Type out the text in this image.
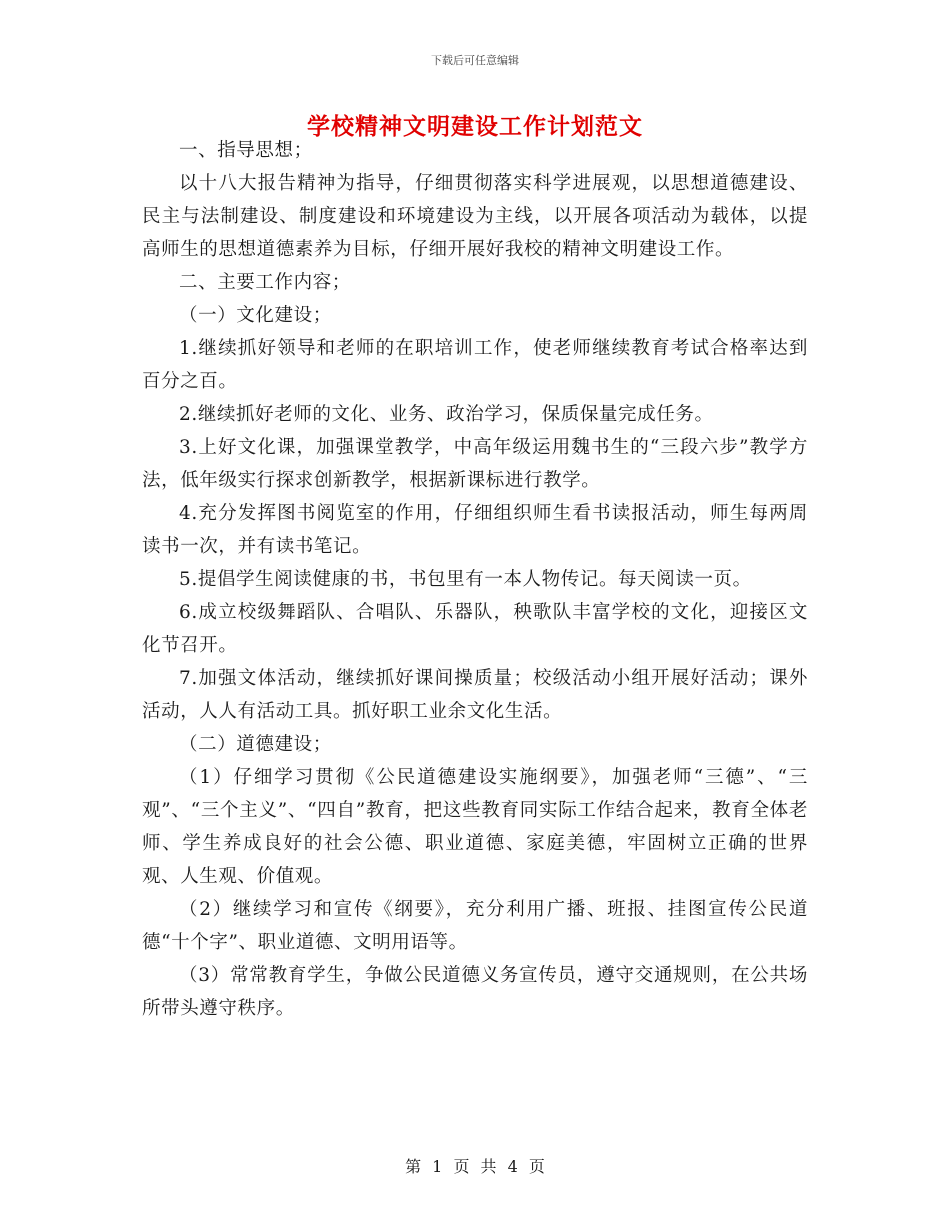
下载后可任意编辑
学校精神文明建设工作计划范文

一、指导思想；

以十八大报告精神为指导，仔细贯彻落实科学进展观，以思想道德建设、民主与法制建设、制度建设和环境建设为主线，以开展各项活动为载体，以提高师生的思想道德素养为目标，仔细开展好我校的精神文明建设工作。

二、主要工作内容；

（一）文化建设；

1.继续抓好领导和老师的在职培训工作，使老师继续教育考试合格率达到百分之百。

2.继续抓好老师的文化、业务、政治学习，保质保量完成任务。

3.上好文化课，加强课堂教学，中高年级运用魏书生的“三段六步”教学方法，低年级实行探求创新教学，根据新课标进行教学。

4.充分发挥图书阅览室的作用，仔细组织师生看书读报活动，师生每两周读书一次，并有读书笔记。

5.提倡学生阅读健康的书，书包里有一本人物传记。每天阅读一页。

6.成立校级舞蹈队、合唱队、乐器队，秧歌队丰富学校的文化，迎接区文化节召开。

7.加强文体活动，继续抓好课间操质量；校级活动小组开展好活动；课外活动，人人有活动工具。抓好职工业余文化生活。

（二）道德建设；

（1）仔细学习贯彻《公民道德建设实施纲要》，加强老师“三德”、“三观”、“三个主义”、“四自”教育，把这些教育同实际工作结合起来，教育全体老师、学生养成良好的社会公德、职业道德、家庭美德，牢固树立正确的世界观、人生观、价值观。

（2）继续学习和宣传《纲要》，充分利用广播、班报、挂图宣传公民道德“十个字”、职业道德、文明用语等。

（3）常常教育学生，争做公民道德义务宣传员，遵守交通规则，在公共场所带头遵守秩序。

第 1 页 共 4 页
